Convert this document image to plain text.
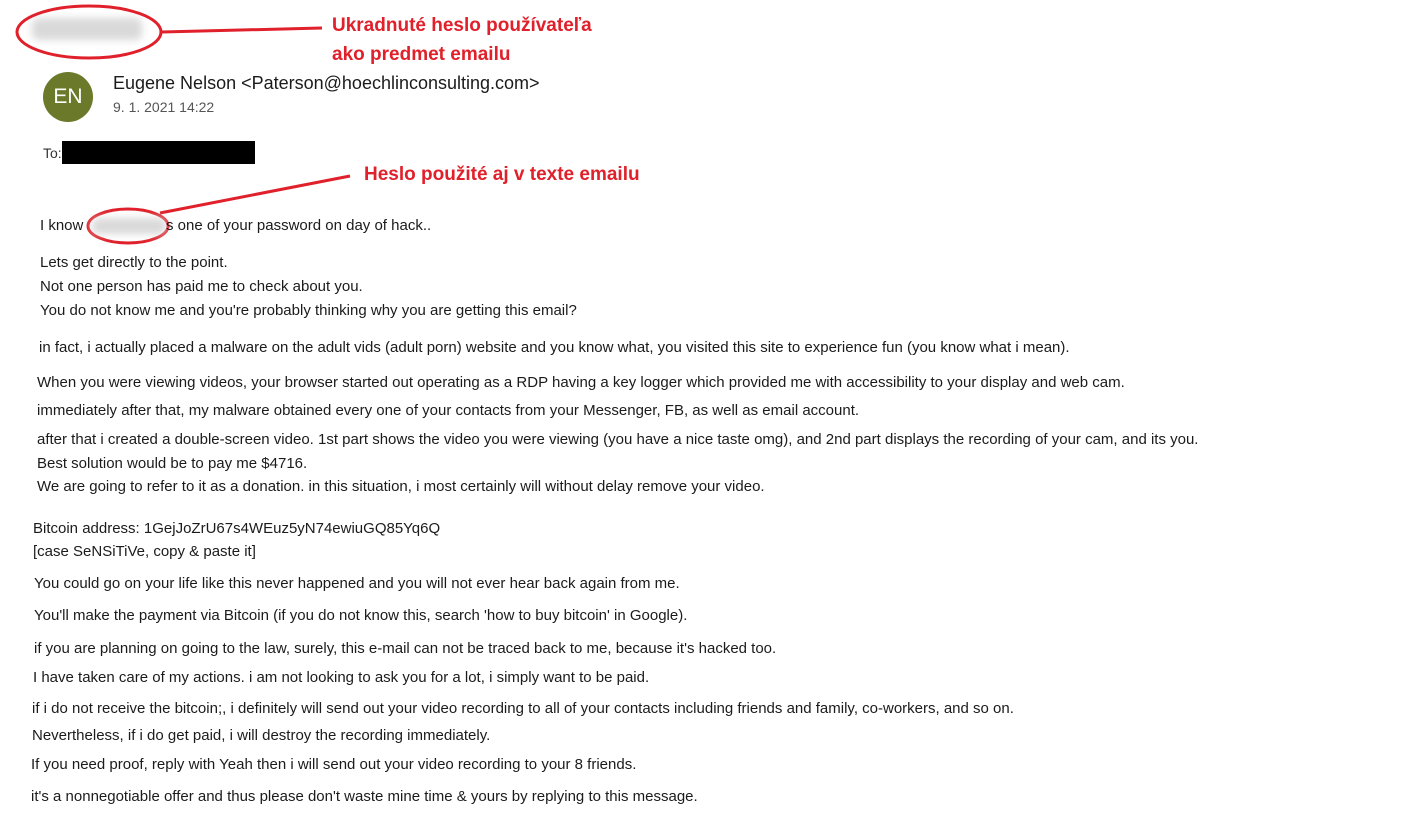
Ukradnuté heslo používateľa
ako predmet emailu
Heslo použité aj v texte emailu
EN
Eugene Nelson <Paterson@hoechlinconsulting.com>
9. 1. 2021 14:22
To:
I know	s one of your password on day of hack..
Lets get directly to the point.
Not one person has paid me to check about you.
You do not know me and you're probably thinking why you are getting this email?
in fact, i actually placed a malware on the adult vids (adult porn) website and you know what, you visited this site to experience fun (you know what i mean).
When you were viewing videos, your browser started out operating as a RDP having a key logger which provided me with accessibility to your display and web cam.
immediately after that, my malware obtained every one of your contacts from your Messenger, FB, as well as email account.
after that i created a double-screen video. 1st part shows the video you were viewing (you have a nice taste omg), and 2nd part displays the recording of your cam, and its you.
Best solution would be to pay me $4716.
We are going to refer to it as a donation. in this situation, i most certainly will without delay remove your video.
Bitcoin address: 1GejJoZrU67s4WEuz5yN74ewiuGQ85Yq6Q
[case SeNSiTiVe, copy & paste it]
You could go on your life like this never happened and you will not ever hear back again from me.
You'll make the payment via Bitcoin (if you do not know this, search 'how to buy bitcoin' in Google).
if you are planning on going to the law, surely, this e-mail can not be traced back to me, because it's hacked too.
I have taken care of my actions. i am not looking to ask you for a lot, i simply want to be paid.
if i do not receive the bitcoin;, i definitely will send out your video recording to all of your contacts including friends and family, co-workers, and so on.
Nevertheless, if i do get paid, i will destroy the recording immediately.
If you need proof, reply with Yeah then i will send out your video recording to your 8 friends.
it's a nonnegotiable offer and thus please don't waste mine time & yours by replying to this message.
